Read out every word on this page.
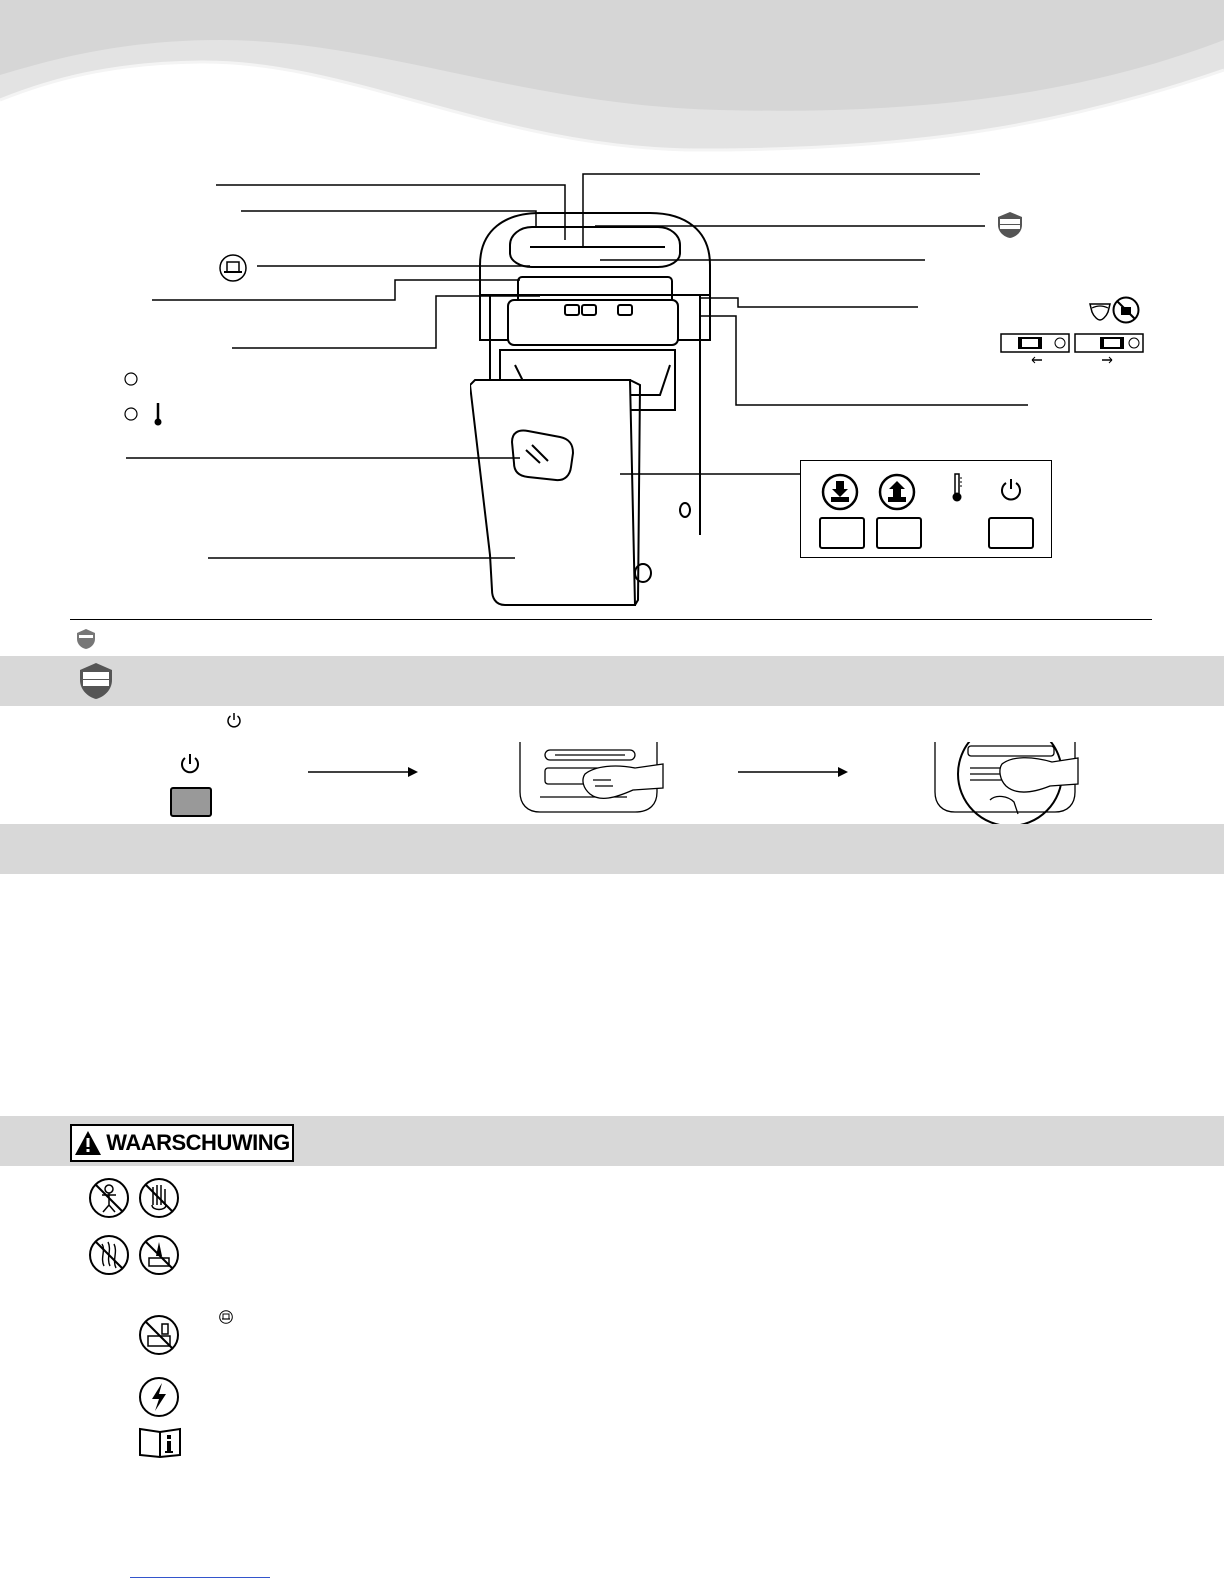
WAARSCHUWING
